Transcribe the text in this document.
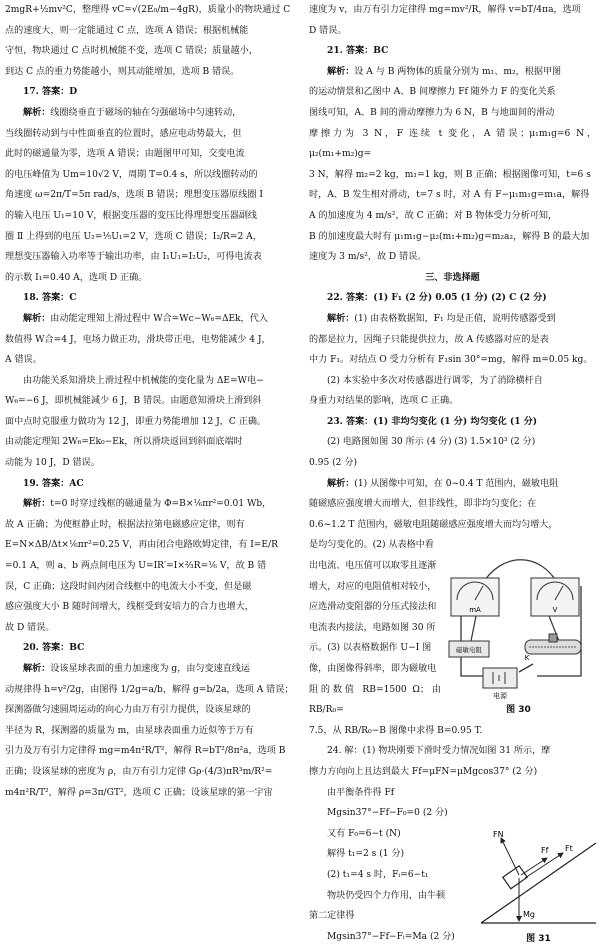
2mgR+½mv²C，整理得 vC=√(2E₀/m−4gR)，质量小的物块通过 C
点的速度大，则一定能通过 C 点，选项 A 错误；根据机械能
守恒，物块通过 C 点时机械能不变，选项 C 错误；质量越小，
到达 C 点的重力势能越小，则其动能增加，选项 B 错误。
17. 答案：D
解析：线圈绕垂直于磁场的轴在匀强磁场中匀速转动，
当线圈转动到与中性面垂直的位置时，感应电动势最大，但
此时的磁通量为零，选项 A 错误；由题图甲可知，交变电流
的电压峰值为 Um=10√2 V，周期 T=0.4 s，所以线圈转动的
角速度 ω=2π/T=5π rad/s，选项 B 错误；理想变压器原线圈 Ⅰ
的输入电压 U₁=10 V，根据变压器的变压比得理想变压器副线
圈 Ⅱ 上得到的电压 U₂=⅕U₁=2 V，选项 C 错误；I₂/R=2 A，
理想变压器输入功率等于输出功率，由 I₁U₁=I₂U₂，可得电流表
的示数 I₁=0.40 A，选项 D 正确。
18. 答案：C
解析：由动能定理知上滑过程中 W合=Wc−W₆=ΔEk，代入
数值得 W合=4 J，电场力做正功，滑块带正电，电势能减少 4 J，
A 错误。
由功能关系知滑块上滑过程中机械能的变化量为 ΔE=W电−
W₆=−6 J，即机械能减少 6 J，B 错误。由题意知滑块上滑到斜
面中点时克服重力做功为 12 J，即重力势能增加 12 J，C 正确。
由动能定理知 2W₆=Ek₀−Ek，所以滑块返回到斜面底端时
动能为 10 J，D 错误。
19. 答案：AC
解析：t=0 时穿过线框的磁通量为 Φ=B×⅙πr²=0.01 Wb，
故 A 正确；为使框静止时，根据法拉第电磁感应定律，则有
E=N×ΔB/Δt×⅙πr²=0.25 V，再由闭合电路欧姆定律，有 I=E/R
=0.1 A，则 a、b 两点间电压为 U=IR′=I×⅔R=⅙ V，故 B 错
误，C 正确；这段时间内闭合线框中的电流大小不变，但是磁
感应强度大小 B 随时间增大，线框受到安培力的合力也增大，
故 D 错误。
20. 答案：BC
解析：设该星球表面的重力加速度为 g，由匀变速直线运
动规律得 h=v²/2g，由图得 1/2g=a/b，解得 g=b/2a，选项 A 错误；
探测器做匀速圆周运动的向心力由万有引力提供，设该星球的
半径为 R，探测器的质量为 m，由星球表面重力近似等于万有
引力及万有引力定律得 mg=m4π²R/T²，解得 R=bT²/8π²a，选项 B
正确；设该星球的密度为 ρ，由万有引力定律 Gρ·(4/3)πR³m/R²=
m4π²R/T²，解得 ρ=3π/GT²，选项 C 正确；设该星球的第一宇宙
速度为 v，由万有引力定律得 mg=mv²/R，解得 v=bT/4πa，选项
D 错误。
21. 答案：BC
解析：设 A 与 B 两物体的质量分别为 m₁、m₂，根据甲图
的运动情景和乙图中 A、B 间摩擦力 Ff 随外力 F 的变化关系
图线可知，A、B 间的滑动摩擦力为 6 N，B 与地面间的滑动
摩擦力为 3 N，F 连续 t 变化，A 错误；μ₁m₁g=6 N，μ₂(m₁+m₂)g=
3 N，解得 m₂=2 kg，m₁=1 kg，则 B 正确；根据图像可知，t=6 s
时，A、B 发生相对滑动，t=7 s 时，对 A 有 F−μ₁m₁g=m₁a，解得
A 的加速度为 4 m/s²，故 C 正确；对 B 物体受力分析可知，
B 的加速度最大时有 μ₁m₁g−μ₂(m₁+m₂)g=m₂a₂，解得 B 的最大加
速度为 3 m/s²，故 D 错误。
三、非选择题
22. 答案：(1) F₁ (2 分) 0.05 (1 分) (2) C (2 分)
解析：(1) 由表格数据知，F₁ 均是正值，说明传感器受到
的都是拉力，因绳子只能提供拉力，故 A 传感器对应的是表
中力 F₁。对结点 O 受力分析有 F₁sin 30°=mg，解得 m=0.05 kg。
(2) 本实验中多次对传感器进行调零，为了消除横杆自
身重力对结果的影响，选项 C 正确。
23. 答案：(1) 非均匀变化 (1 分) 均匀变化 (1 分)
(2) 电路图如图 30 所示 (4 分) (3) 1.5×10³ (2 分)
0.95 (2 分)
解析：(1) 从图像中可知，在 0~0.4 T 范围内，磁敏电阻
随磁感应强度增大而增大，但非线性，即非均匀变化；在
0.6~1.2 T 范围内，磁敏电阻随磁感应强度增大而均匀增大，
是均匀变化的。(2) 从表格中看
出电流、电压值可以取零且逐渐
增大，对应的电阻值相对较小，
应选滑动变阻器的分压式接法和
电流表内接法，电路如图 30 所
示。(3) 以表格数据作 U−I 图
像，由图像得斜率，即为磁敏电
阻的数值 RB=1500 Ω；由 RB/R₀=
mA	V
磁敏电阻
K
电源
图 30
7.5，从 RB/R₀−B 图像中求得 B=0.95 T.
24. 解：(1) 物块刚要下滑时受力情况如图 31 所示，摩
擦力方向向上且达到最大 Ff=μFN=μMgcos37° (2 分)
由平衡条件得 Ff
Mgsin37°−Ff−F₀=0 (2 分)
又有 F₀=6−t (N)
解得 t₁=2 s (1 分)
(2) t₁=4 s 时，Fᵢ=6−t₁
物块仍受四个力作用，由牛顿
第二定律得
Mgsin37°−Ff−Fᵢ=Ma (2 分)
FN
Ff Ft
Mg
图 31
